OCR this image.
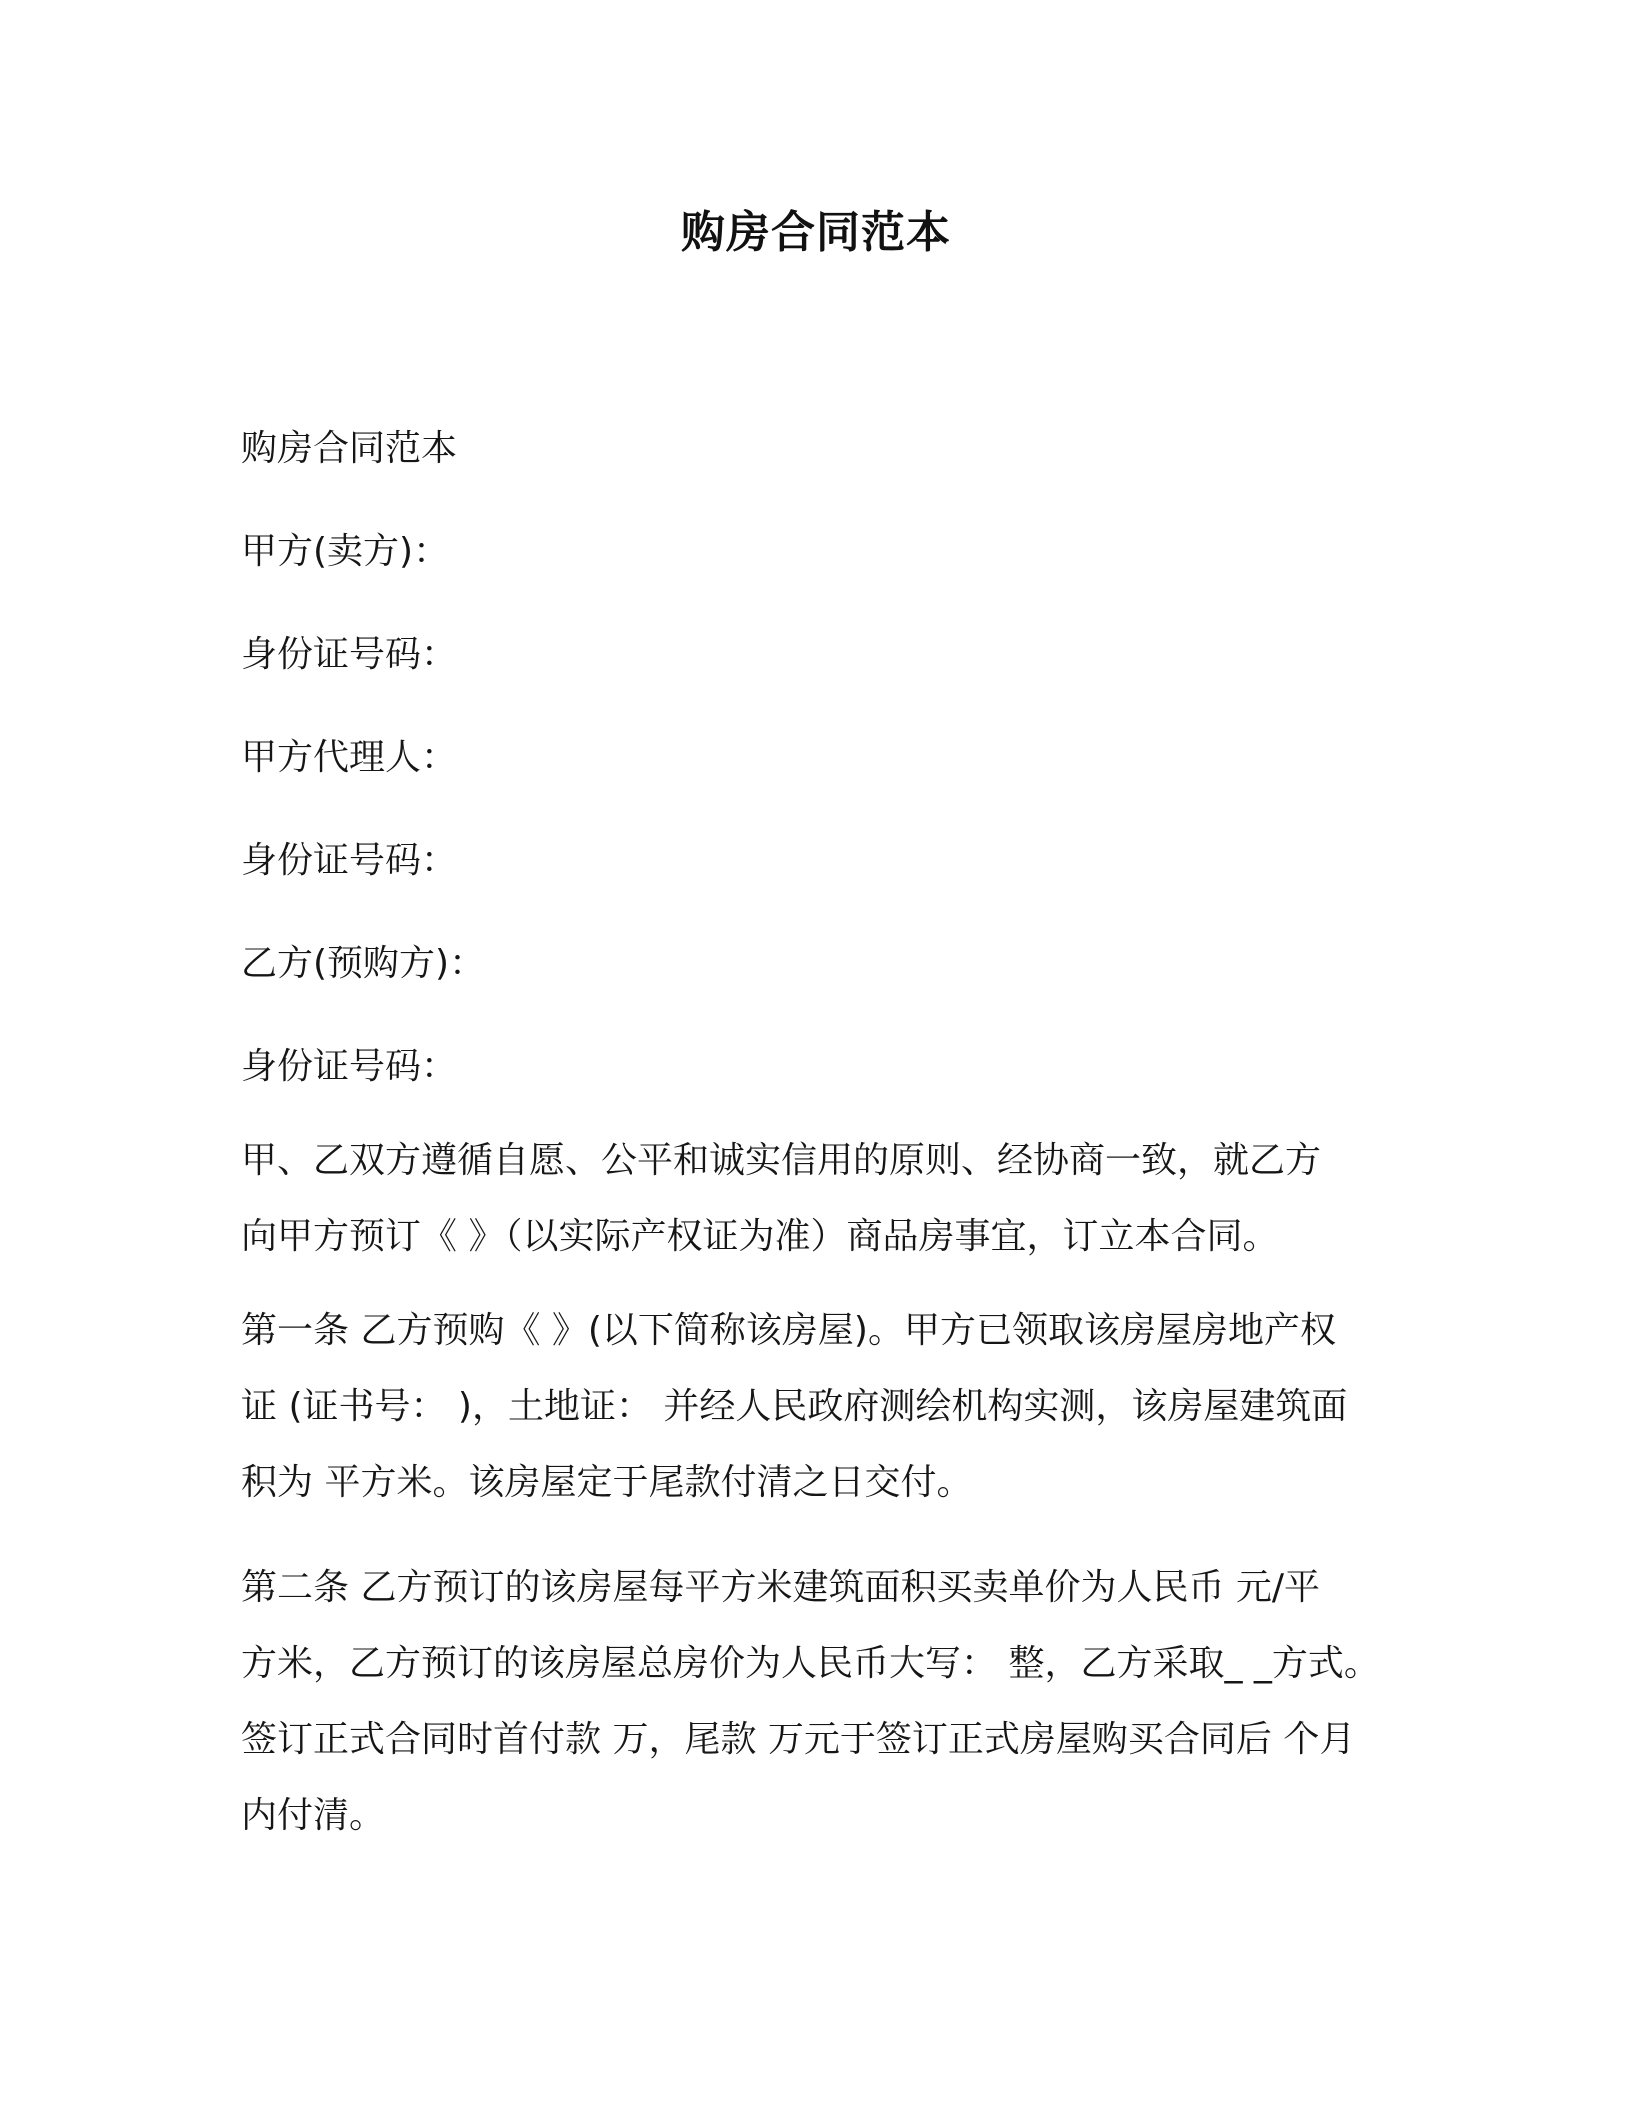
购房合同范本
购房合同范本
甲方(卖方)：
身份证号码：
甲方代理人：
身份证号码：
乙方(预购方)：
身份证号码：
甲、乙双方遵循自愿、公平和诚实信用的原则、经协商一致，就乙方
向甲方预订《 》（以实际产权证为准）商品房事宜，订立本合同。
第一条 乙方预购《 》(以下简称该房屋)。甲方已领取该房屋房地产权
证 (证书号： )，土地证： 并经人民政府测绘机构实测，该房屋建筑面
积为 平方米。该房屋定于尾款付清之日交付。
第二条 乙方预订的该房屋每平方米建筑面积买卖单价为人民币 元/平
方米，乙方预订的该房屋总房价为人民币大写： 整，乙方采取_ _方式。
签订正式合同时首付款 万，尾款 万元于签订正式房屋购买合同后 个月
内付清。
